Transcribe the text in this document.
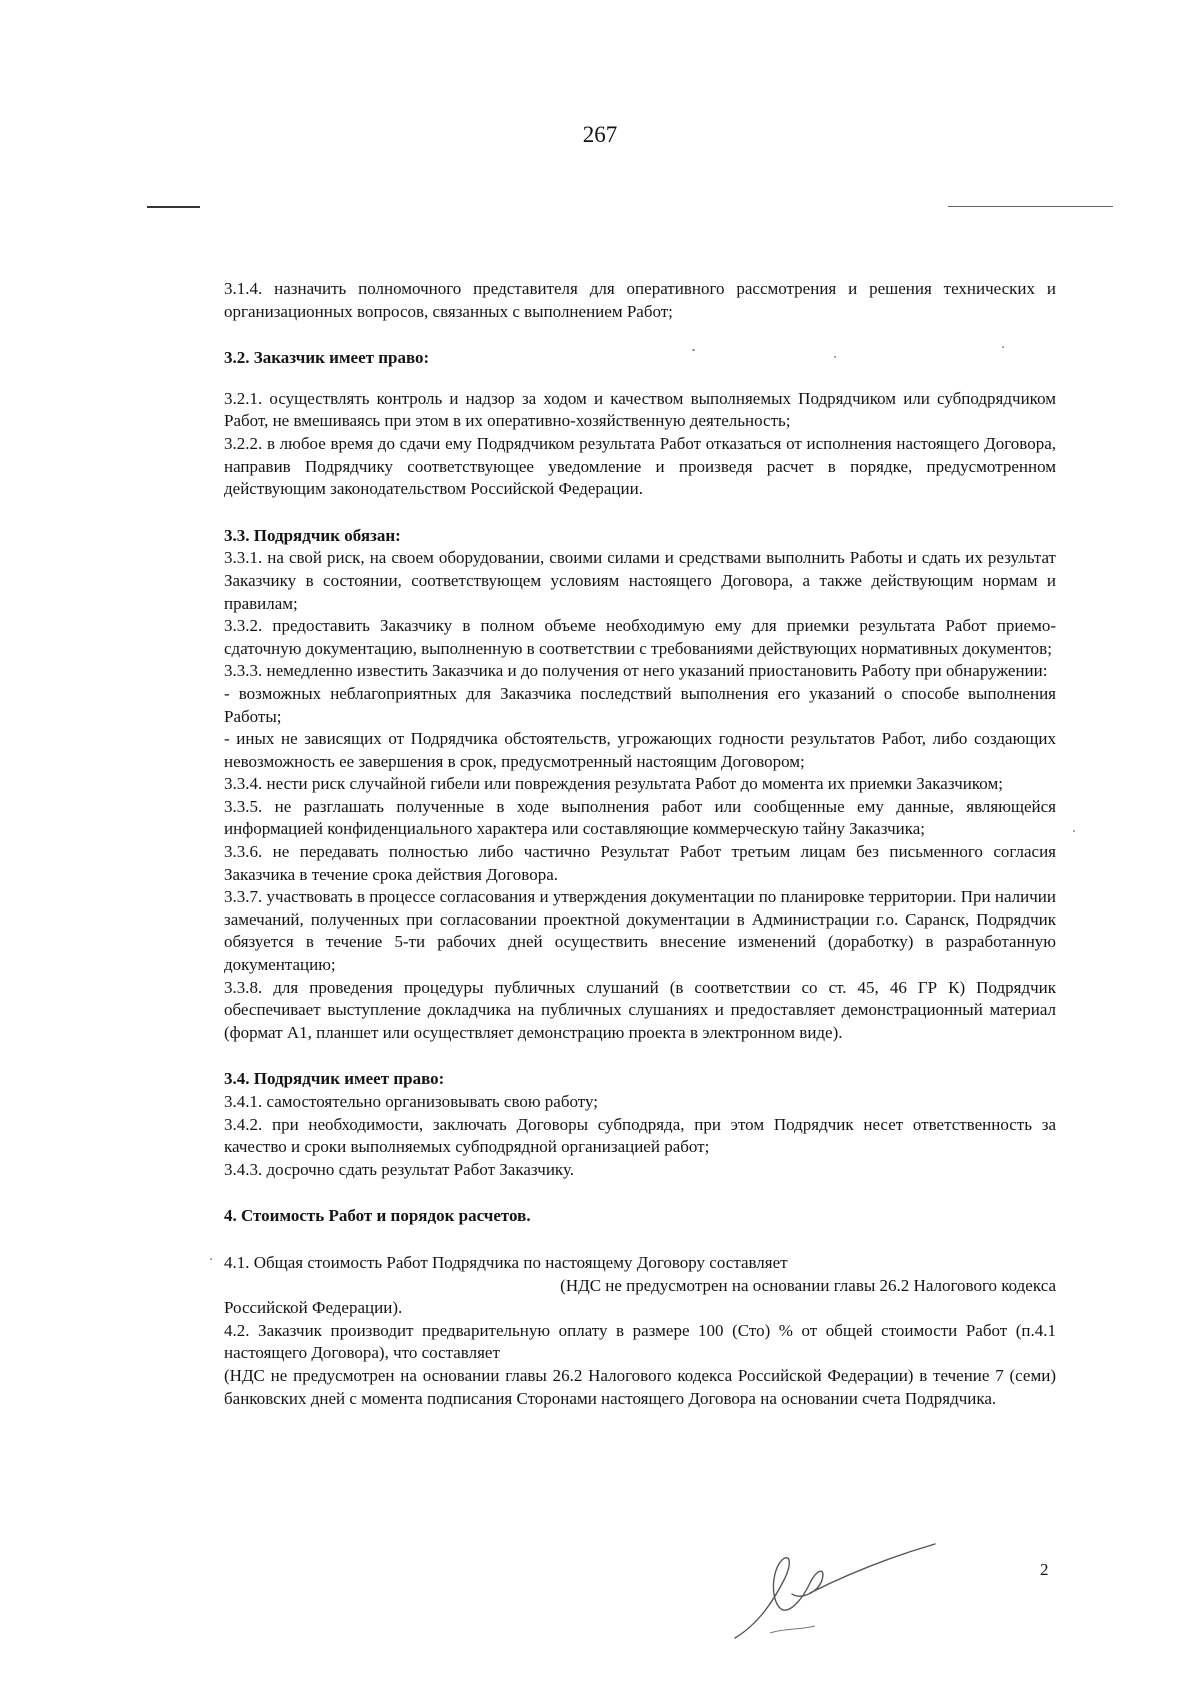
267

3.1.4. назначить полномочного представителя для оперативного рассмотрения и решения технических и организационных вопросов, связанных с выполнением Работ;

3.2. Заказчик имеет право:

3.2.1. осуществлять контроль и надзор за ходом и качеством выполняемых Подрядчиком или субподрядчиком Работ, не вмешиваясь при этом в их оперативно-хозяйственную деятельность;

3.2.2. в любое время до сдачи ему Подрядчиком результата Работ отказаться от исполнения настоящего Договора, направив Подрядчику соответствующее уведомление и произведя расчет в порядке, предусмотренном действующим законодательством Российской Федерации.

3.3. Подрядчик обязан:

3.3.1. на свой риск, на своем оборудовании, своими силами и средствами выполнить Работы и сдать их результат Заказчику в состоянии, соответствующем условиям настоящего Договора, а также действующим нормам и правилам;

3.3.2. предоставить Заказчику в полном объеме необходимую ему для приемки результата Работ приемо-сдаточную документацию, выполненную в соответствии с требованиями действующих нормативных документов;

3.3.3. немедленно известить Заказчика и до получения от него указаний приостановить Работу при обнаружении:

- возможных неблагоприятных для Заказчика последствий выполнения его указаний о способе выполнения Работы;

- иных не зависящих от Подрядчика обстоятельств, угрожающих годности результатов Работ, либо создающих невозможность ее завершения в срок, предусмотренный настоящим Договором;

3.3.4. нести риск случайной гибели или повреждения результата Работ до момента их приемки Заказчиком;

3.3.5. не разглашать полученные в ходе выполнения работ или сообщенные ему данные, являющейся информацией конфиденциального характера или составляющие коммерческую тайну Заказчика;

3.3.6. не передавать полностью либо частично Результат Работ третьим лицам без письменного согласия Заказчика в течение срока действия Договора.

3.3.7. участвовать в процессе согласования и утверждения документации по планировке территории. При наличии замечаний, полученных при согласовании проектной документации в Администрации г.о. Саранск, Подрядчик обязуется в течение 5-ти рабочих дней осуществить внесение изменений (доработку) в разработанную документацию;

3.3.8. для проведения процедуры публичных слушаний (в соответствии со ст. 45, 46 ГР К) Подрядчик обеспечивает выступление докладчика на публичных слушаниях и предоставляет демонстрационный материал (формат А1, планшет или осуществляет демонстрацию проекта в электронном виде).

3.4. Подрядчик имеет право:

3.4.1. самостоятельно организовывать свою работу;

3.4.2. при необходимости, заключать Договоры субподряда, при этом Подрядчик несет ответственность за качество и сроки выполняемых субподрядной организацией работ;

3.4.3. досрочно сдать результат Работ Заказчику.

4. Стоимость Работ и порядок расчетов.

4.1. Общая стоимость Работ Подрядчика по настоящему Договору составляет

(НДС не предусмотрен на основании главы 26.2 Налогового кодекса

Российской Федерации).

4.2. Заказчик производит предварительную оплату в размере 100 (Сто) % от общей стоимости Работ (п.4.1 настоящего Договора), что составляет

(НДС не предусмотрен на основании главы 26.2 Налогового кодекса Российской Федерации) в течение 7 (семи) банковских дней с момента подписания Сторонами настоящего Договора на основании счета Подрядчика.

2
